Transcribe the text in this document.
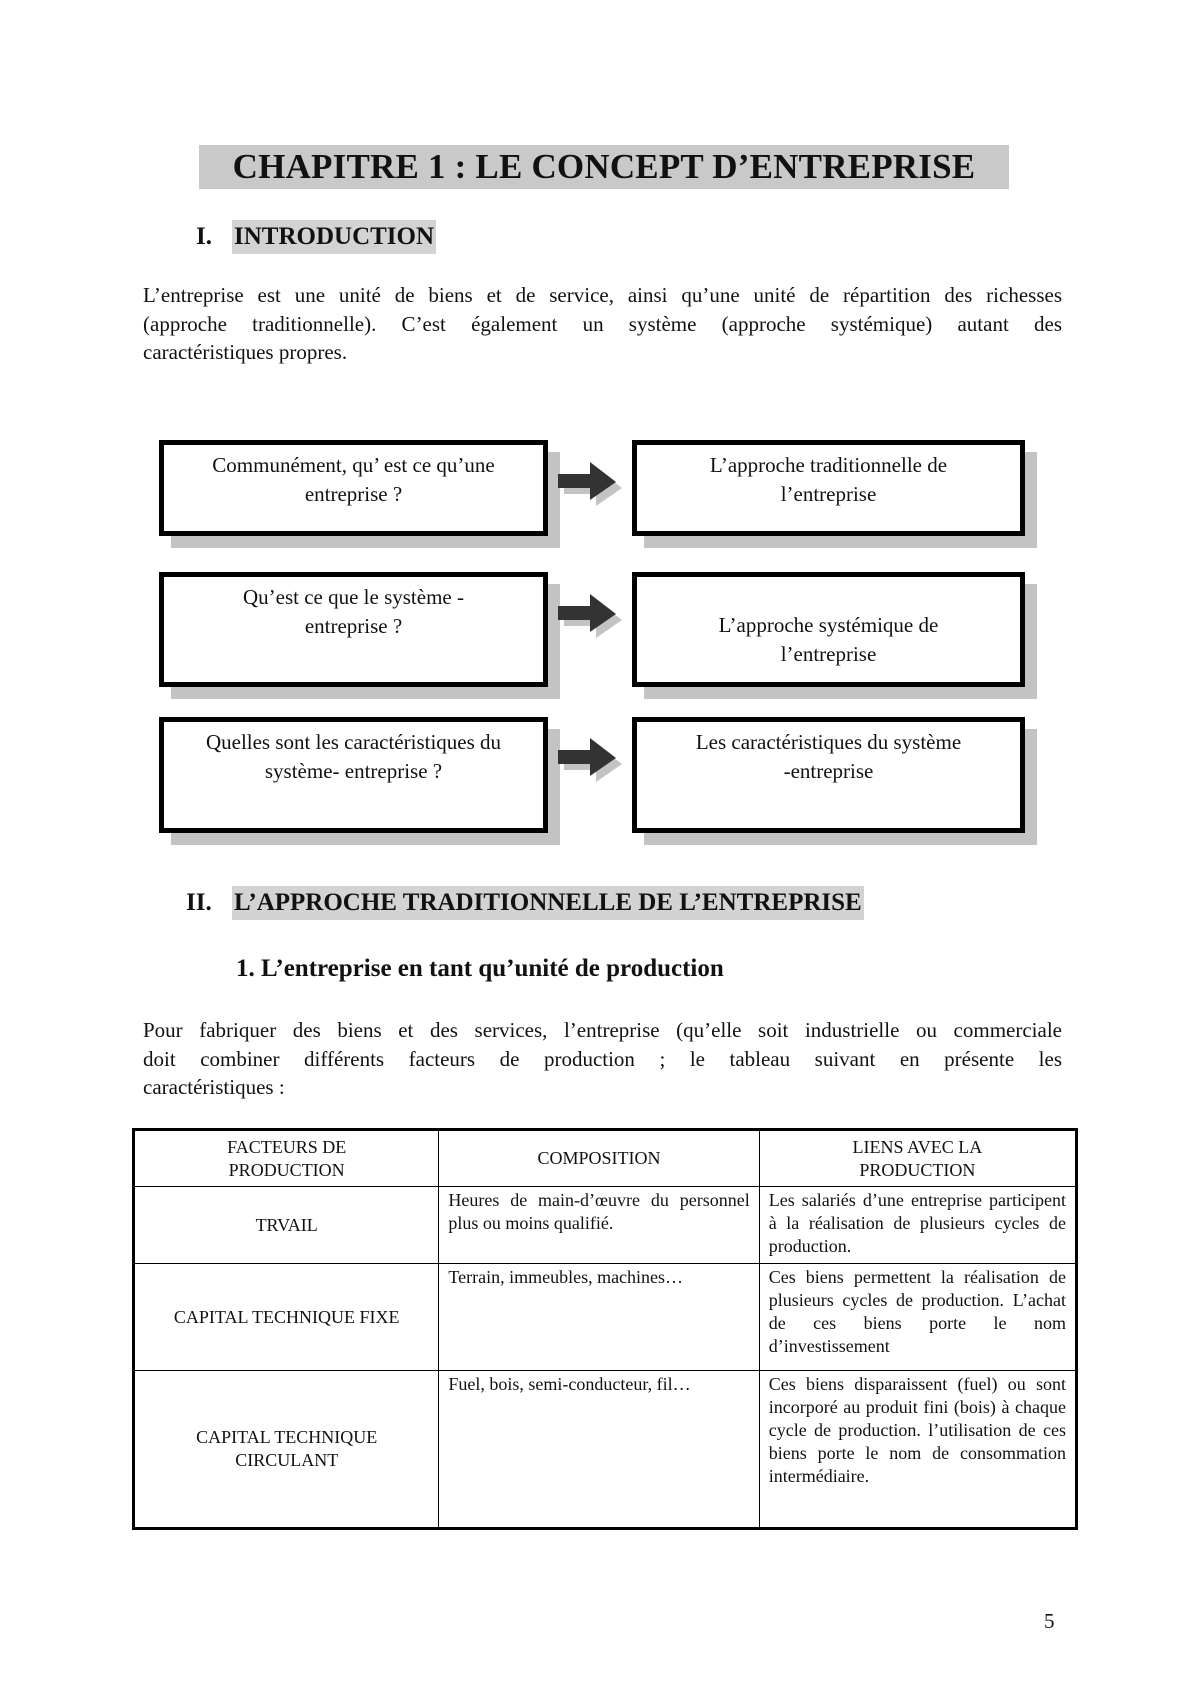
CHAPITRE 1 : LE CONCEPT D’ENTREPRISE
I. INTRODUCTION
L’entreprise est une unité de biens et de service, ainsi qu’une unité de répartition des richesses
(approche traditionnelle). C’est également un système (approche systémique) autant des
caractéristiques propres.
Communément, qu’ est ce qu’une
entreprise ?
L’approche traditionnelle de
l’entreprise
Qu’est ce que le système -
entreprise ?	L’approche systémique de
l’entreprise
Quelles sont les caractéristiques du
système- entreprise ?
Les caractéristiques du système
-entreprise
II. L’APPROCHE TRADITIONNELLE DE L’ENTREPRISE
1. L’entreprise en tant qu’unité de production
Pour fabriquer des biens et des services, l’entreprise (qu’elle soit industrielle ou commerciale
doit combiner différents facteurs de production ; le tableau suivant en présente les
caractéristiques :
FACTEURS DE PRODUCTION	COMPOSITION	LIENS AVEC LA PRODUCTION
TRVAIL	Heures de main-d’œuvre du personnel plus ou moins qualifié.	Les salariés d’une entreprise participent à la réalisation de plusieurs cycles de production.
CAPITAL TECHNIQUE FIXE	Terrain, immeubles, machines…	Ces biens permettent la réalisation de plusieurs cycles de production. L’achat de ces biens porte le nom d’investissement
CAPITAL TECHNIQUE CIRCULANT	Fuel, bois, semi-conducteur, fil…	Ces biens disparaissent (fuel) ou sont incorporé au produit fini (bois) à chaque cycle de production. l’utilisation de ces biens porte le nom de consommation intermédiaire.
5
